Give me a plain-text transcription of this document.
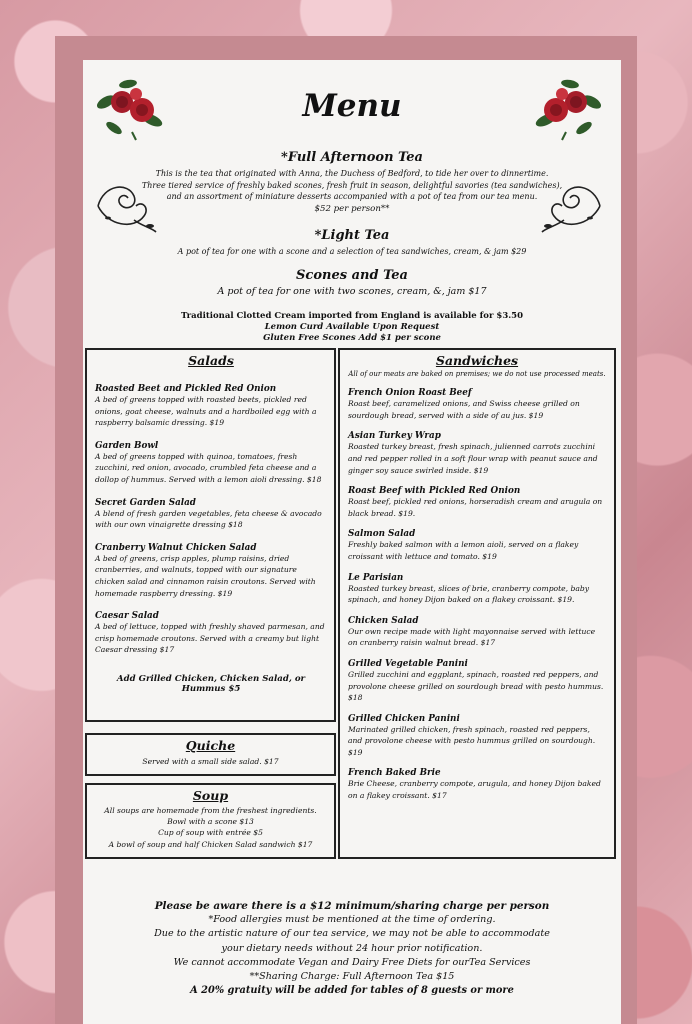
Menu

*Full Afternoon Tea

This is the tea that originated with Anna, the Duchess of Bedford, to tide her over to dinnertime.

Three tiered service of freshly baked scones, fresh fruit in season, delightful savories (tea sandwiches),

and an assortment of miniature desserts accompanied with a pot of tea from our tea menu.

$52 per person**

*Light Tea

A pot of tea for one with a scone and a selection of tea sandwiches, cream, & jam $29

Scones and Tea

A pot of tea for one with two scones, cream, &, jam $17

Traditional Clotted Cream imported from England is available for $3.50

Lemon Curd Available Upon Request

Gluten Free Scones Add $1 per scone

Salads

Roasted Beet and Pickled Red Onion

A bed of greens topped with roasted beets, pickled red onions, goat cheese, walnuts and a hardboiled egg with a raspberry balsamic dressing. $19

Garden Bowl

A bed of greens topped with quinoa, tomatoes, fresh zucchini, red onion, avocado, crumbled feta cheese and a dollop of hummus. Served with a lemon aioli dressing. $18

Secret Garden Salad

A blend of fresh garden vegetables, feta cheese & avocado with our own vinaigrette dressing $18

Cranberry Walnut Chicken Salad

A bed of greens, crisp apples, plump raisins, dried cranberries, and walnuts, topped with our signature chicken salad and cinnamon raisin croutons. Served with homemade raspberry dressing. $19

Caesar Salad

A bed of lettuce, topped with freshly shaved parmesan, and crisp homemade croutons. Served with a creamy but light Caesar dressing $17

Add Grilled Chicken, Chicken Salad, or Hummus $5

Quiche

Served with a small side salad. $17

Soup

All soups are homemade from the freshest ingredients.

Bowl with a scone $13

Cup of soup with entrée $5

A bowl of soup and half Chicken Salad sandwich $17

Sandwiches

All of our meats are baked on premises; we do not use processed meats.

French Onion Roast Beef

Roast beef, caramelized onions, and Swiss cheese grilled on sourdough bread, served with a side of au jus. $19

Asian Turkey Wrap

Roasted turkey breast, fresh spinach, julienned carrots zucchini and red pepper rolled in a soft flour wrap with peanut sauce and ginger soy sauce swirled inside. $19

Roast Beef with Pickled Red Onion

Roast beef, pickled red onions, horseradish cream and arugula on black bread. $19.

Salmon Salad

Freshly baked salmon with a lemon aioli, served on a flakey croissant with lettuce and tomato. $19

Le Parisian

Roasted turkey breast, slices of brie, cranberry compote, baby spinach, and honey Dijon baked on a flakey croissant. $19.

Chicken Salad

Our own recipe made with light mayonnaise served with lettuce on cranberry raisin walnut bread. $17

Grilled Vegetable Panini

Grilled zucchini and eggplant, spinach, roasted red peppers, and provolone cheese grilled on sourdough bread with pesto hummus. $18

Grilled Chicken Panini

Marinated grilled chicken, fresh spinach, roasted red peppers, and provolone cheese with pesto hummus grilled on sourdough. $19

French Baked Brie

Brie Cheese, cranberry compote, arugula, and honey Dijon baked on a flakey croissant. $17

Please be aware there is a $12 minimum/sharing charge per person
*Food allergies must be mentioned at the time of ordering.
Due to the artistic nature of our tea service, we may not be able to accommodate
your dietary needs without 24 hour prior notification.
We cannot accommodate Vegan and Dairy Free Diets for ourTea Services
**Sharing Charge: Full Afternoon Tea $15
A 20% gratuity will be added for tables of 8 guests or more
